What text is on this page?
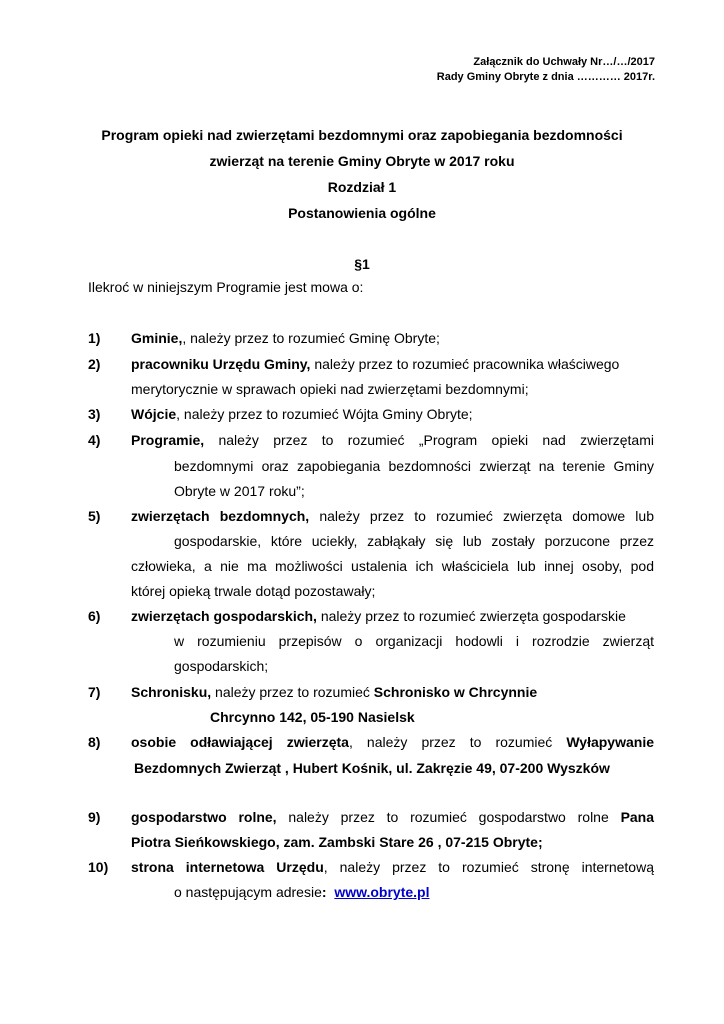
Załącznik do Uchwały Nr…/…/2017
Rady Gminy Obryte z dnia ………… 2017r.
Program opieki nad zwierzętami bezdomnymi oraz zapobiegania bezdomności
zwierząt na terenie Gminy Obryte w 2017 roku
Rozdział 1
Postanowienia ogólne
§1
Ilekroć w niniejszym Programie jest mowa o:
1) Gminie,, należy przez to rozumieć Gminę Obryte;
2) pracowniku Urzędu Gminy, należy przez to rozumieć pracownika właściwego
merytorycznie w sprawach opieki nad zwierzętami bezdomnymi;
3) Wójcie, należy przez to rozumieć Wójta Gminy Obryte;
4) Programie, należy przez to rozumieć „Program opieki nad zwierzętami
bezdomnymi oraz zapobiegania bezdomności zwierząt na terenie Gminy
Obryte w 2017 roku”;
5) zwierzętach bezdomnych, należy przez to rozumieć zwierzęta domowe lub
gospodarskie, które uciekły, zabłąkały się lub zostały porzucone przez
człowieka, a nie ma możliwości ustalenia ich właściciela lub innej osoby, pod
której opieką trwale dotąd pozostawały;
6) zwierzętach gospodarskich, należy przez to rozumieć zwierzęta gospodarskie
w rozumieniu przepisów o organizacji hodowli i rozrodzie zwierząt
gospodarskich;
7) Schronisku, należy przez to rozumieć Schronisko w Chrcynnie
Chrcynno 142, 05-190 Nasielsk
8) osobie odławiającej zwierzęta, należy przez to rozumieć Wyłapywanie
Bezdomnych Zwierząt , Hubert Kośnik, ul. Zakręzie 49, 07-200 Wyszków
9) gospodarstwo rolne, należy przez to rozumieć gospodarstwo rolne Pana
Piotra Sieńkowskiego, zam. Zambski Stare 26 , 07-215 Obryte;
10) strona internetowa Urzędu, należy przez to rozumieć stronę internetową
o następującym adresie: www.obryte.pl
